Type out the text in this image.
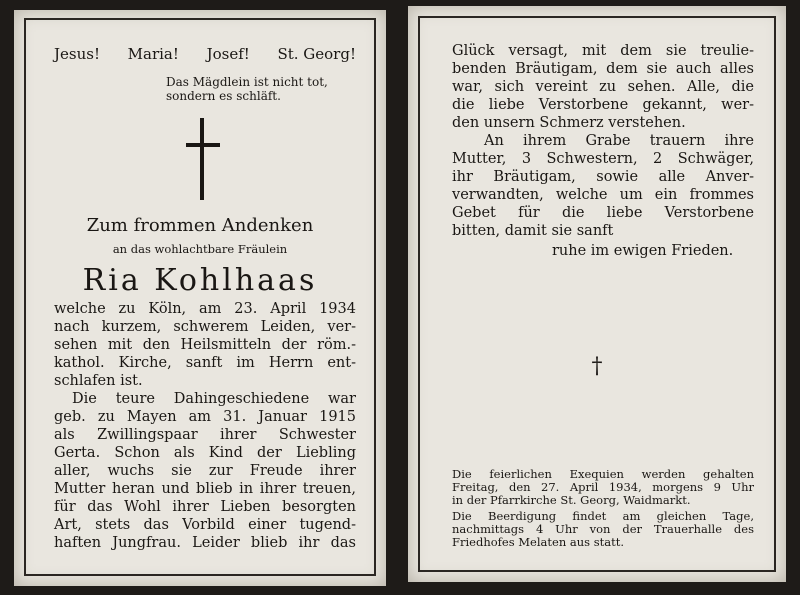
Jesus! Maria! Josef! St. Georg!
Das Mägdlein ist nicht tot,
sondern es schläft.
Zum frommen Andenken
an das wohlachtbare Fräulein
Ria Kohlhaas
welche zu Köln, am 23. April 1934
nach kurzem, schwerem Leiden, ver-
sehen mit den Heilsmitteln der röm.-
kathol. Kirche, sanft im Herrn ent-
schlafen ist.
Die teure Dahingeschiedene war
geb. zu Mayen am 31. Januar 1915
als Zwillingspaar ihrer Schwester
Gerta. Schon als Kind der Liebling
aller, wuchs sie zur Freude ihrer
Mutter heran und blieb in ihrer treuen,
für das Wohl ihrer Lieben besorgten
Art, stets das Vorbild einer tugend-
haften Jungfrau. Leider blieb ihr das
Glück versagt, mit dem sie treulie-
benden Bräutigam, dem sie auch alles
war, sich vereint zu sehen. Alle, die
die liebe Verstorbene gekannt, wer-
den unsern Schmerz verstehen.
An ihrem Grabe trauern ihre
Mutter, 3 Schwestern, 2 Schwäger,
ihr Bräutigam, sowie alle Anver-
verwandten, welche um ein frommes
Gebet für die liebe Verstorbene
bitten, damit sie sanft
ruhe im ewigen Frieden.
†
Die feierlichen Exequien werden gehalten
Freitag, den 27. April 1934, morgens 9 Uhr
in der Pfarrkirche St. Georg, Waidmarkt.
Die Beerdigung findet am gleichen Tage,
nachmittags 4 Uhr von der Trauerhalle des
Friedhofes Melaten aus statt.
